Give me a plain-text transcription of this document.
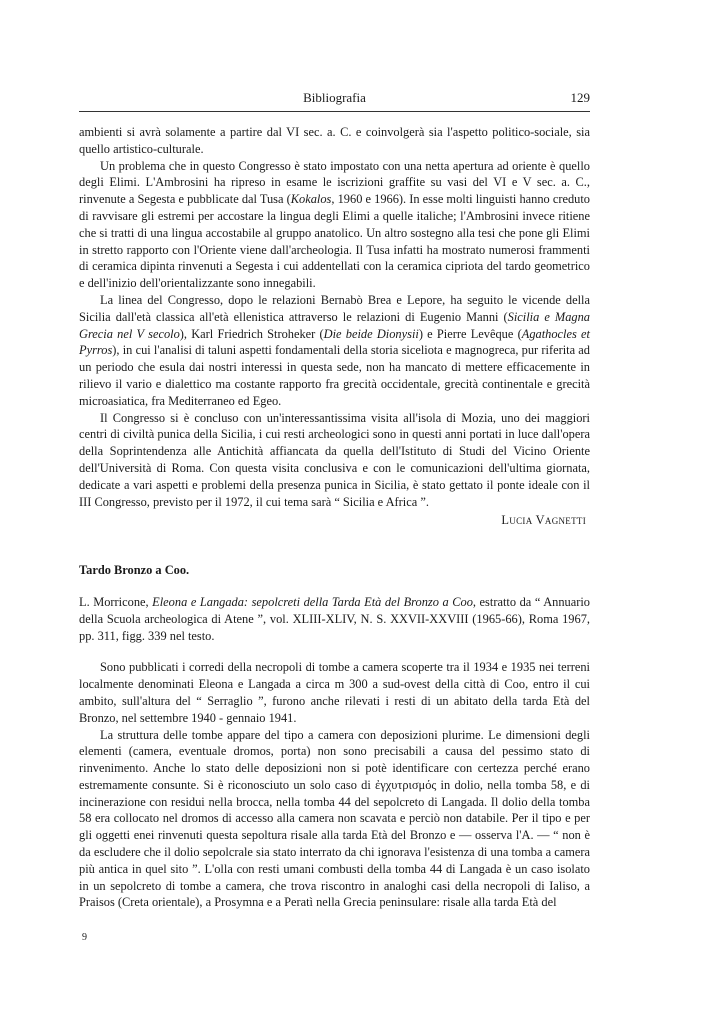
Bibliografia	129

ambienti si avrà solamente a partire dal VI sec. a. C. e coinvolgerà sia l'aspetto politico-sociale, sia quello artistico-culturale.

Un problema che in questo Congresso è stato impostato con una netta apertura ad oriente è quello degli Elimi. L'Ambrosini ha ripreso in esame le iscrizioni graffite su vasi del VI e V sec. a. C., rinvenute a Segesta e pubblicate dal Tusa (Kokalos, 1960 e 1966). In esse molti linguisti hanno creduto di ravvisare gli estremi per accostare la lingua degli Elimi a quelle italiche; l'Ambrosini invece ritiene che si tratti di una lingua accostabile al gruppo anatolico. Un altro sostegno alla tesi che pone gli Elimi in stretto rapporto con l'Oriente viene dall'archeologia. Il Tusa infatti ha mostrato numerosi frammenti di ceramica dipinta rinvenuti a Segesta i cui addentellati con la ceramica cipriota del tardo geometrico e dell'inizio dell'orientalizzante sono innegabili.

La linea del Congresso, dopo le relazioni Bernabò Brea e Lepore, ha seguito le vicende della Sicilia dall'età classica all'età ellenistica attraverso le relazioni di Eugenio Manni (Sicilia e Magna Grecia nel V secolo), Karl Friedrich Stroheker (Die beide Dionysii) e Pierre Levêque (Agathocles et Pyrros), in cui l'analisi di taluni aspetti fondamentali della storia siceliota e magnogreca, pur riferita ad un periodo che esula dai nostri interessi in questa sede, non ha mancato di mettere efficacemente in rilievo il vario e dialettico ma costante rapporto fra grecità occidentale, grecità continentale e grecità microasiatica, fra Mediterraneo ed Egeo.

Il Congresso si è concluso con un'interessantissima visita all'isola di Mozia, uno dei maggiori centri di civiltà punica della Sicilia, i cui resti archeologici sono in questi anni portati in luce dall'opera della Soprintendenza alle Antichità affiancata da quella dell'Istituto di Studi del Vicino Oriente dell'Università di Roma. Con questa visita conclusiva e con le comunicazioni dell'ultima giornata, dedicate a vari aspetti e problemi della presenza punica in Sicilia, è stato gettato il ponte ideale con il III Congresso, previsto per il 1972, il cui tema sarà “ Sicilia e Africa ”.

Lucia Vagnetti

Tardo Bronzo a Coo.

L. Morricone, Eleona e Langada: sepolcreti della Tarda Età del Bronzo a Coo, estratto da “ Annuario della Scuola archeologica di Atene ”, vol. XLIII-XLIV, N. S. XXVII-XXVIII (1965-66), Roma 1967, pp. 311, figg. 339 nel testo.

Sono pubblicati i corredi della necropoli di tombe a camera scoperte tra il 1934 e 1935 nei terreni localmente denominati Eleona e Langada a circa m 300 a sud-ovest della città di Coo, entro il cui ambito, sull'altura del “ Serraglio ”, furono anche rilevati i resti di un abitato della tarda Età del Bronzo, nel settembre 1940 - gennaio 1941.

La struttura delle tombe appare del tipo a camera con deposizioni plurime. Le dimensioni degli elementi (camera, eventuale dromos, porta) non sono precisabili a causa del pessimo stato di rinvenimento. Anche lo stato delle deposizioni non si potè identificare con certezza perché erano estremamente consunte. Si è riconosciuto un solo caso di ἐγχυτρισμός in dolio, nella tomba 58, e di incinerazione con residui nella brocca, nella tomba 44 del sepolcreto di Langada. Il dolio della tomba 58 era collocato nel dromos di accesso alla camera non scavata e perciò non databile. Per il tipo e per gli oggetti enei rinvenuti questa sepoltura risale alla tarda Età del Bronzo e — osserva l'A. — “ non è da escludere che il dolio sepolcrale sia stato interrato da chi ignorava l'esistenza di una tomba a camera più antica in quel sito ”. L'olla con resti umani combusti della tomba 44 di Langada è un caso isolato in un sepolcreto di tombe a camera, che trova riscontro in analoghi casi della necropoli di Ialiso, a Praisos (Creta orientale), a Prosymna e a Peratì nella Grecia peninsulare: risale alla tarda Età del

9
